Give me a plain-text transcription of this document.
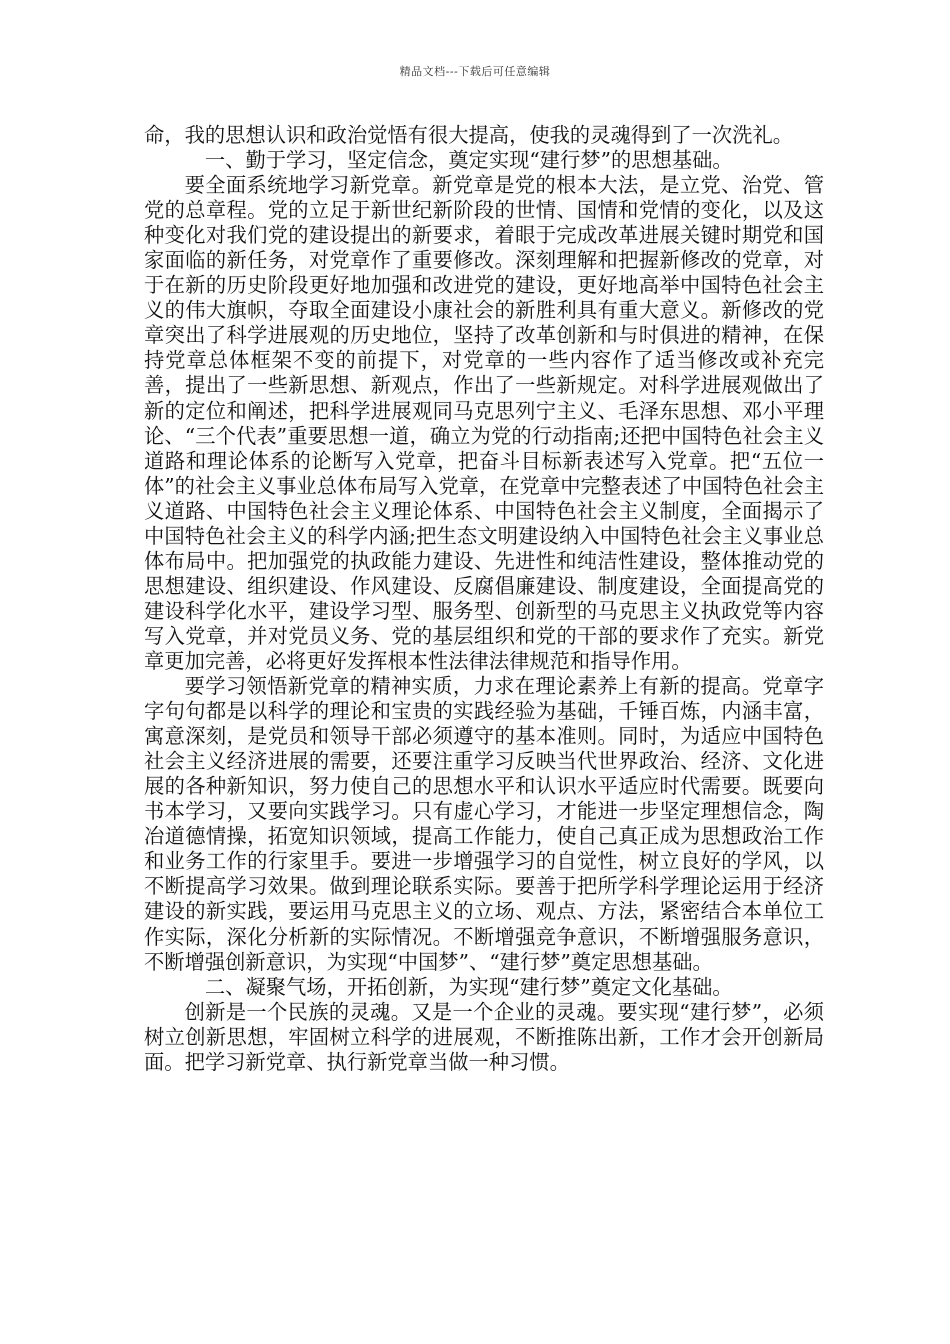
精品文档---下载后可任意编辑

命，我的思想认识和政治觉悟有很大提高，使我的灵魂得到了一次洗礼。

一、勤于学习，坚定信念，奠定实现“建行梦”的思想基础。

要全面系统地学习新党章。新党章是党的根本大法，是立党、治党、管党的总章程。党的立足于新世纪新阶段的世情、国情和党情的变化，以及这种变化对我们党的建设提出的新要求，着眼于完成改革进展关键时期党和国家面临的新任务，对党章作了重要修改。深刻理解和把握新修改的党章，对于在新的历史阶段更好地加强和改进党的建设，更好地高举中国特色社会主义的伟大旗帜，夺取全面建设小康社会的新胜利具有重大意义。新修改的党章突出了科学进展观的历史地位，坚持了改革创新和与时俱进的精神，在保持党章总体框架不变的前提下，对党章的一些内容作了适当修改或补充完善，提出了一些新思想、新观点，作出了一些新规定。对科学进展观做出了新的定位和阐述，把科学进展观同马克思列宁主义、毛泽东思想、邓小平理论、“三个代表”重要思想一道，确立为党的行动指南;还把中国特色社会主义道路和理论体系的论断写入党章，把奋斗目标新表述写入党章。把“五位一体”的社会主义事业总体布局写入党章，在党章中完整表述了中国特色社会主义道路、中国特色社会主义理论体系、中国特色社会主义制度，全面揭示了中国特色社会主义的科学内涵;把生态文明建设纳入中国特色社会主义事业总体布局中。把加强党的执政能力建设、先进性和纯洁性建设，整体推动党的思想建设、组织建设、作风建设、反腐倡廉建设、制度建设，全面提高党的建设科学化水平，建设学习型、服务型、创新型的马克思主义执政党等内容写入党章，并对党员义务、党的基层组织和党的干部的要求作了充实。新党章更加完善，必将更好发挥根本性法律法律规范和指导作用。

要学习领悟新党章的精神实质，力求在理论素养上有新的提高。党章字字句句都是以科学的理论和宝贵的实践经验为基础，千锤百炼，内涵丰富，寓意深刻，是党员和领导干部必须遵守的基本准则。同时，为适应中国特色社会主义经济进展的需要，还要注重学习反映当代世界政治、经济、文化进展的各种新知识，努力使自己的思想水平和认识水平适应时代需要。既要向书本学习，又要向实践学习。只有虚心学习，才能进一步坚定理想信念，陶冶道德情操，拓宽知识领域，提高工作能力，使自己真正成为思想政治工作和业务工作的行家里手。要进一步增强学习的自觉性，树立良好的学风，以不断提高学习效果。做到理论联系实际。要善于把所学科学理论运用于经济建设的新实践，要运用马克思主义的立场、观点、方法，紧密结合本单位工作实际，深化分析新的实际情况。不断增强竞争意识，不断增强服务意识，不断增强创新意识，为实现“中国梦”、“建行梦”奠定思想基础。

二、凝聚气场，开拓创新，为实现“建行梦”奠定文化基础。

创新是一个民族的灵魂。又是一个企业的灵魂。要实现“建行梦”，必须树立创新思想，牢固树立科学的进展观，不断推陈出新，工作才会开创新局面。把学习新党章、执行新党章当做一种习惯。
